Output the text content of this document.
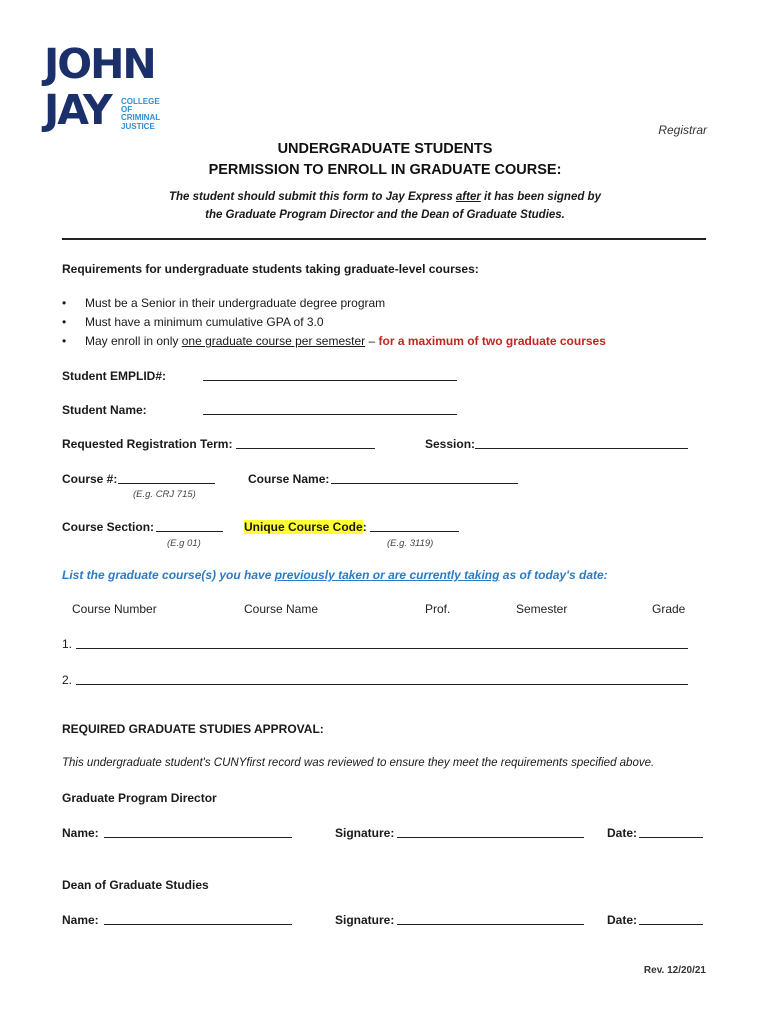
JOHN
JAY COLLEGE
OF
CRIMINAL
JUSTICE	Registrar
UNDERGRADUATE STUDENTS
PERMISSION TO ENROLL IN GRADUATE COURSE:
The student should submit this form to Jay Express after it has been signed by
the Graduate Program Director and the Dean of Graduate Studies.
Requirements for undergraduate students taking graduate-level courses:
• Must be a Senior in their undergraduate degree program
• Must have a minimum cumulative GPA of 3.0
• May enroll in only one graduate course per semester – for a maximum of two graduate courses
Student EMPLID#:
Student Name:
Requested Registration Term:	Session:
Course #:
(E.g. CRJ 715)
Course Name:
Course Section:
(E.g 01)
Unique Course Code:
(E.g. 3119)
List the graduate course(s) you have previously taken or are currently taking as of today's date:
Course Number	Course Name	Prof.	Semester	Grade
1.
2.
REQUIRED GRADUATE STUDIES APPROVAL:
This undergraduate student's CUNYfirst record was reviewed to ensure they meet the requirements specified above.
Graduate Program Director
Name:	Signature:	Date:
Dean of Graduate Studies
Name:	Signature:	Date:
Rev. 12/20/21
